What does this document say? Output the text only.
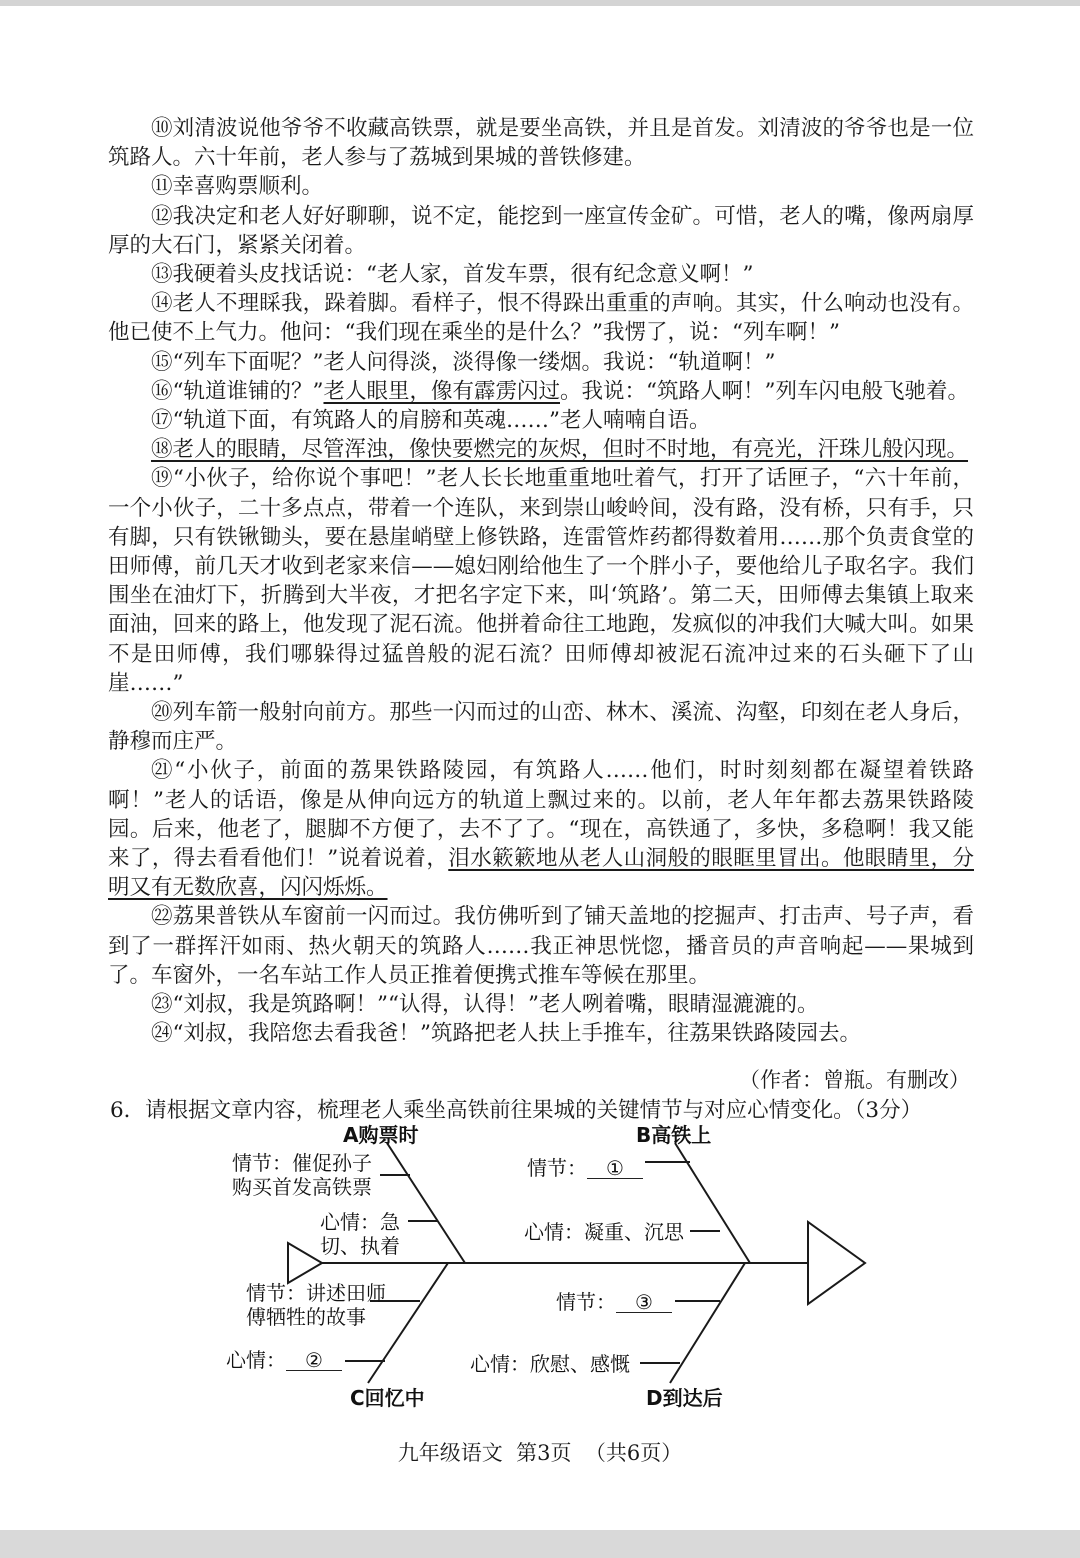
⑩刘清波说他爷爷不收藏高铁票，就是要坐高铁，并且是首发。刘清波的爷爷也是一位筑路人。六十年前，老人参与了荔城到果城的普铁修建。

⑪幸喜购票顺利。

⑫我决定和老人好好聊聊，说不定，能挖到一座宣传金矿。可惜，老人的嘴，像两扇厚厚的大石门，紧紧关闭着。

⑬我硬着头皮找话说：“老人家，首发车票，很有纪念意义啊！”

⑭老人不理睬我，跺着脚。看样子，恨不得跺出重重的声响。其实，什么响动也没有。他已使不上气力。他问：“我们现在乘坐的是什么？”我愣了，说：“列车啊！”

⑮“列车下面呢？”老人问得淡，淡得像一缕烟。我说：“轨道啊！”

⑯“轨道谁铺的？”老人眼里，像有霹雳闪过。我说：“筑路人啊！”列车闪电般飞驰着。

⑰“轨道下面，有筑路人的肩膀和英魂……”老人喃喃自语。

⑱老人的眼睛，尽管浑浊，像快要燃完的灰烬，但时不时地，有亮光，汗珠儿般闪现。

⑲“小伙子，给你说个事吧！”老人长长地重重地吐着气，打开了话匣子，“六十年前，一个小伙子，二十多点点，带着一个连队，来到崇山峻岭间，没有路，没有桥，只有手，只有脚，只有铁锹锄头，要在悬崖峭壁上修铁路，连雷管炸药都得数着用……那个负责食堂的田师傅，前几天才收到老家来信——媳妇刚给他生了一个胖小子，要他给儿子取名字。我们围坐在油灯下，折腾到大半夜，才把名字定下来，叫‘筑路’。第二天，田师傅去集镇上取来面油，回来的路上，他发现了泥石流。他拼着命往工地跑，发疯似的冲我们大喊大叫。如果不是田师傅，我们哪躲得过猛兽般的泥石流？田师傅却被泥石流冲过来的石头砸下了山崖……”

⑳列车箭一般射向前方。那些一闪而过的山峦、林木、溪流、沟壑，印刻在老人身后，静穆而庄严。

㉑“小伙子，前面的荔果铁路陵园，有筑路人……他们，时时刻刻都在凝望着铁路啊！”老人的话语，像是从伸向远方的轨道上飘过来的。以前，老人年年都去荔果铁路陵园。后来，他老了，腿脚不方便了，去不了了。“现在，高铁通了，多快，多稳啊！我又能来了，得去看看他们！”说着说着，泪水簌簌地从老人山洞般的眼眶里冒出。他眼睛里，分明又有无数欣喜，闪闪烁烁。

㉒荔果普铁从车窗前一闪而过。我仿佛听到了铺天盖地的挖掘声、打击声、号子声，看到了一群挥汗如雨、热火朝天的筑路人……我正神思恍惚，播音员的声音响起——果城到了。车窗外，一名车站工作人员正推着便携式推车等候在那里。

㉓“刘叔，我是筑路啊！”“认得，认得！”老人咧着嘴，眼睛湿漉漉的。

㉔“刘叔，我陪您去看我爸！”筑路把老人扶上手推车，往荔果铁路陵园去。

（作者：曾瓶。有删改）
6．请根据文章内容，梳理老人乘坐高铁前往果城的关键情节与对应心情变化。（3分）
A购票时	B高铁上
C回忆中	D到达后
情节：催促孙子
购买首发高铁票
心情：急
切、执着
情节： ①
心情：凝重、沉思
情节：讲述田师
傅牺牲的故事
心情： ②
情节： ③
心情：欣慰、感慨
九年级语文  第3页  （共6页）
